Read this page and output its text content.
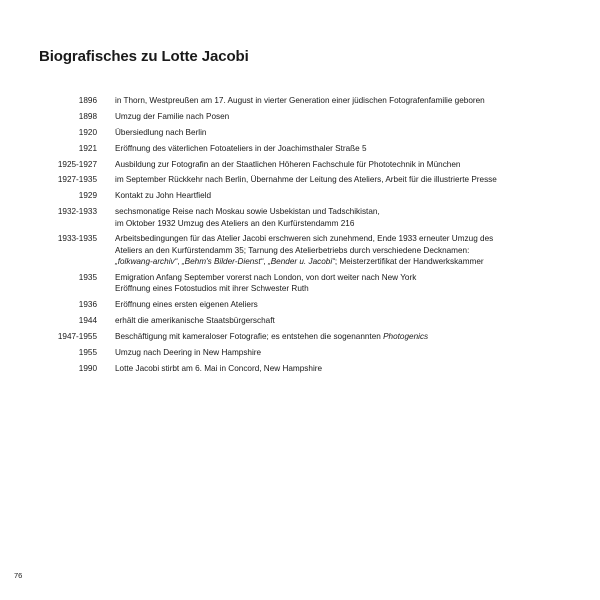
Biografisches zu Lotte Jacobi
1896 in Thorn, Westpreußen am 17. August in vierter Generation einer jüdischen Fotografenfamilie geboren
1898 Umzug der Familie nach Posen
1920 Übersiedlung nach Berlin
1921 Eröffnung des väterlichen Fotoateliers in der Joachimsthaler Straße 5
1925-1927 Ausbildung zur Fotografin an der Staatlichen Höheren Fachschule für Phototechnik in München
1927-1935 im September Rückkehr nach Berlin, Übernahme der Leitung des Ateliers, Arbeit für die illustrierte Presse
1929 Kontakt zu John Heartfield
1932-1933 sechsmonatige Reise nach Moskau sowie Usbekistan und Tadschikistan,
im Oktober 1932 Umzug des Ateliers an den Kurfürstendamm 216
1933-1935 Arbeitsbedingungen für das Atelier Jacobi erschweren sich zunehmend, Ende 1933 erneuter Umzug des
Ateliers an den Kurfürstendamm 35; Tarnung des Atelierbetriebs durch verschiedene Decknamen:
„folkwang-archiv“, „Behm's Bilder-Dienst“, „Bender u. Jacobi“; Meisterzertifikat der Handwerkskammer
1935 Emigration Anfang September vorerst nach London, von dort weiter nach New York
Eröffnung eines Fotostudios mit ihrer Schwester Ruth
1936 Eröffnung eines ersten eigenen Ateliers
1944 erhält die amerikanische Staatsbürgerschaft
1947-1955 Beschäftigung mit kameraloser Fotografie; es entstehen die sogenannten Photogenics
1955 Umzug nach Deering in New Hampshire
1990 Lotte Jacobi stirbt am 6. Mai in Concord, New Hampshire
76
